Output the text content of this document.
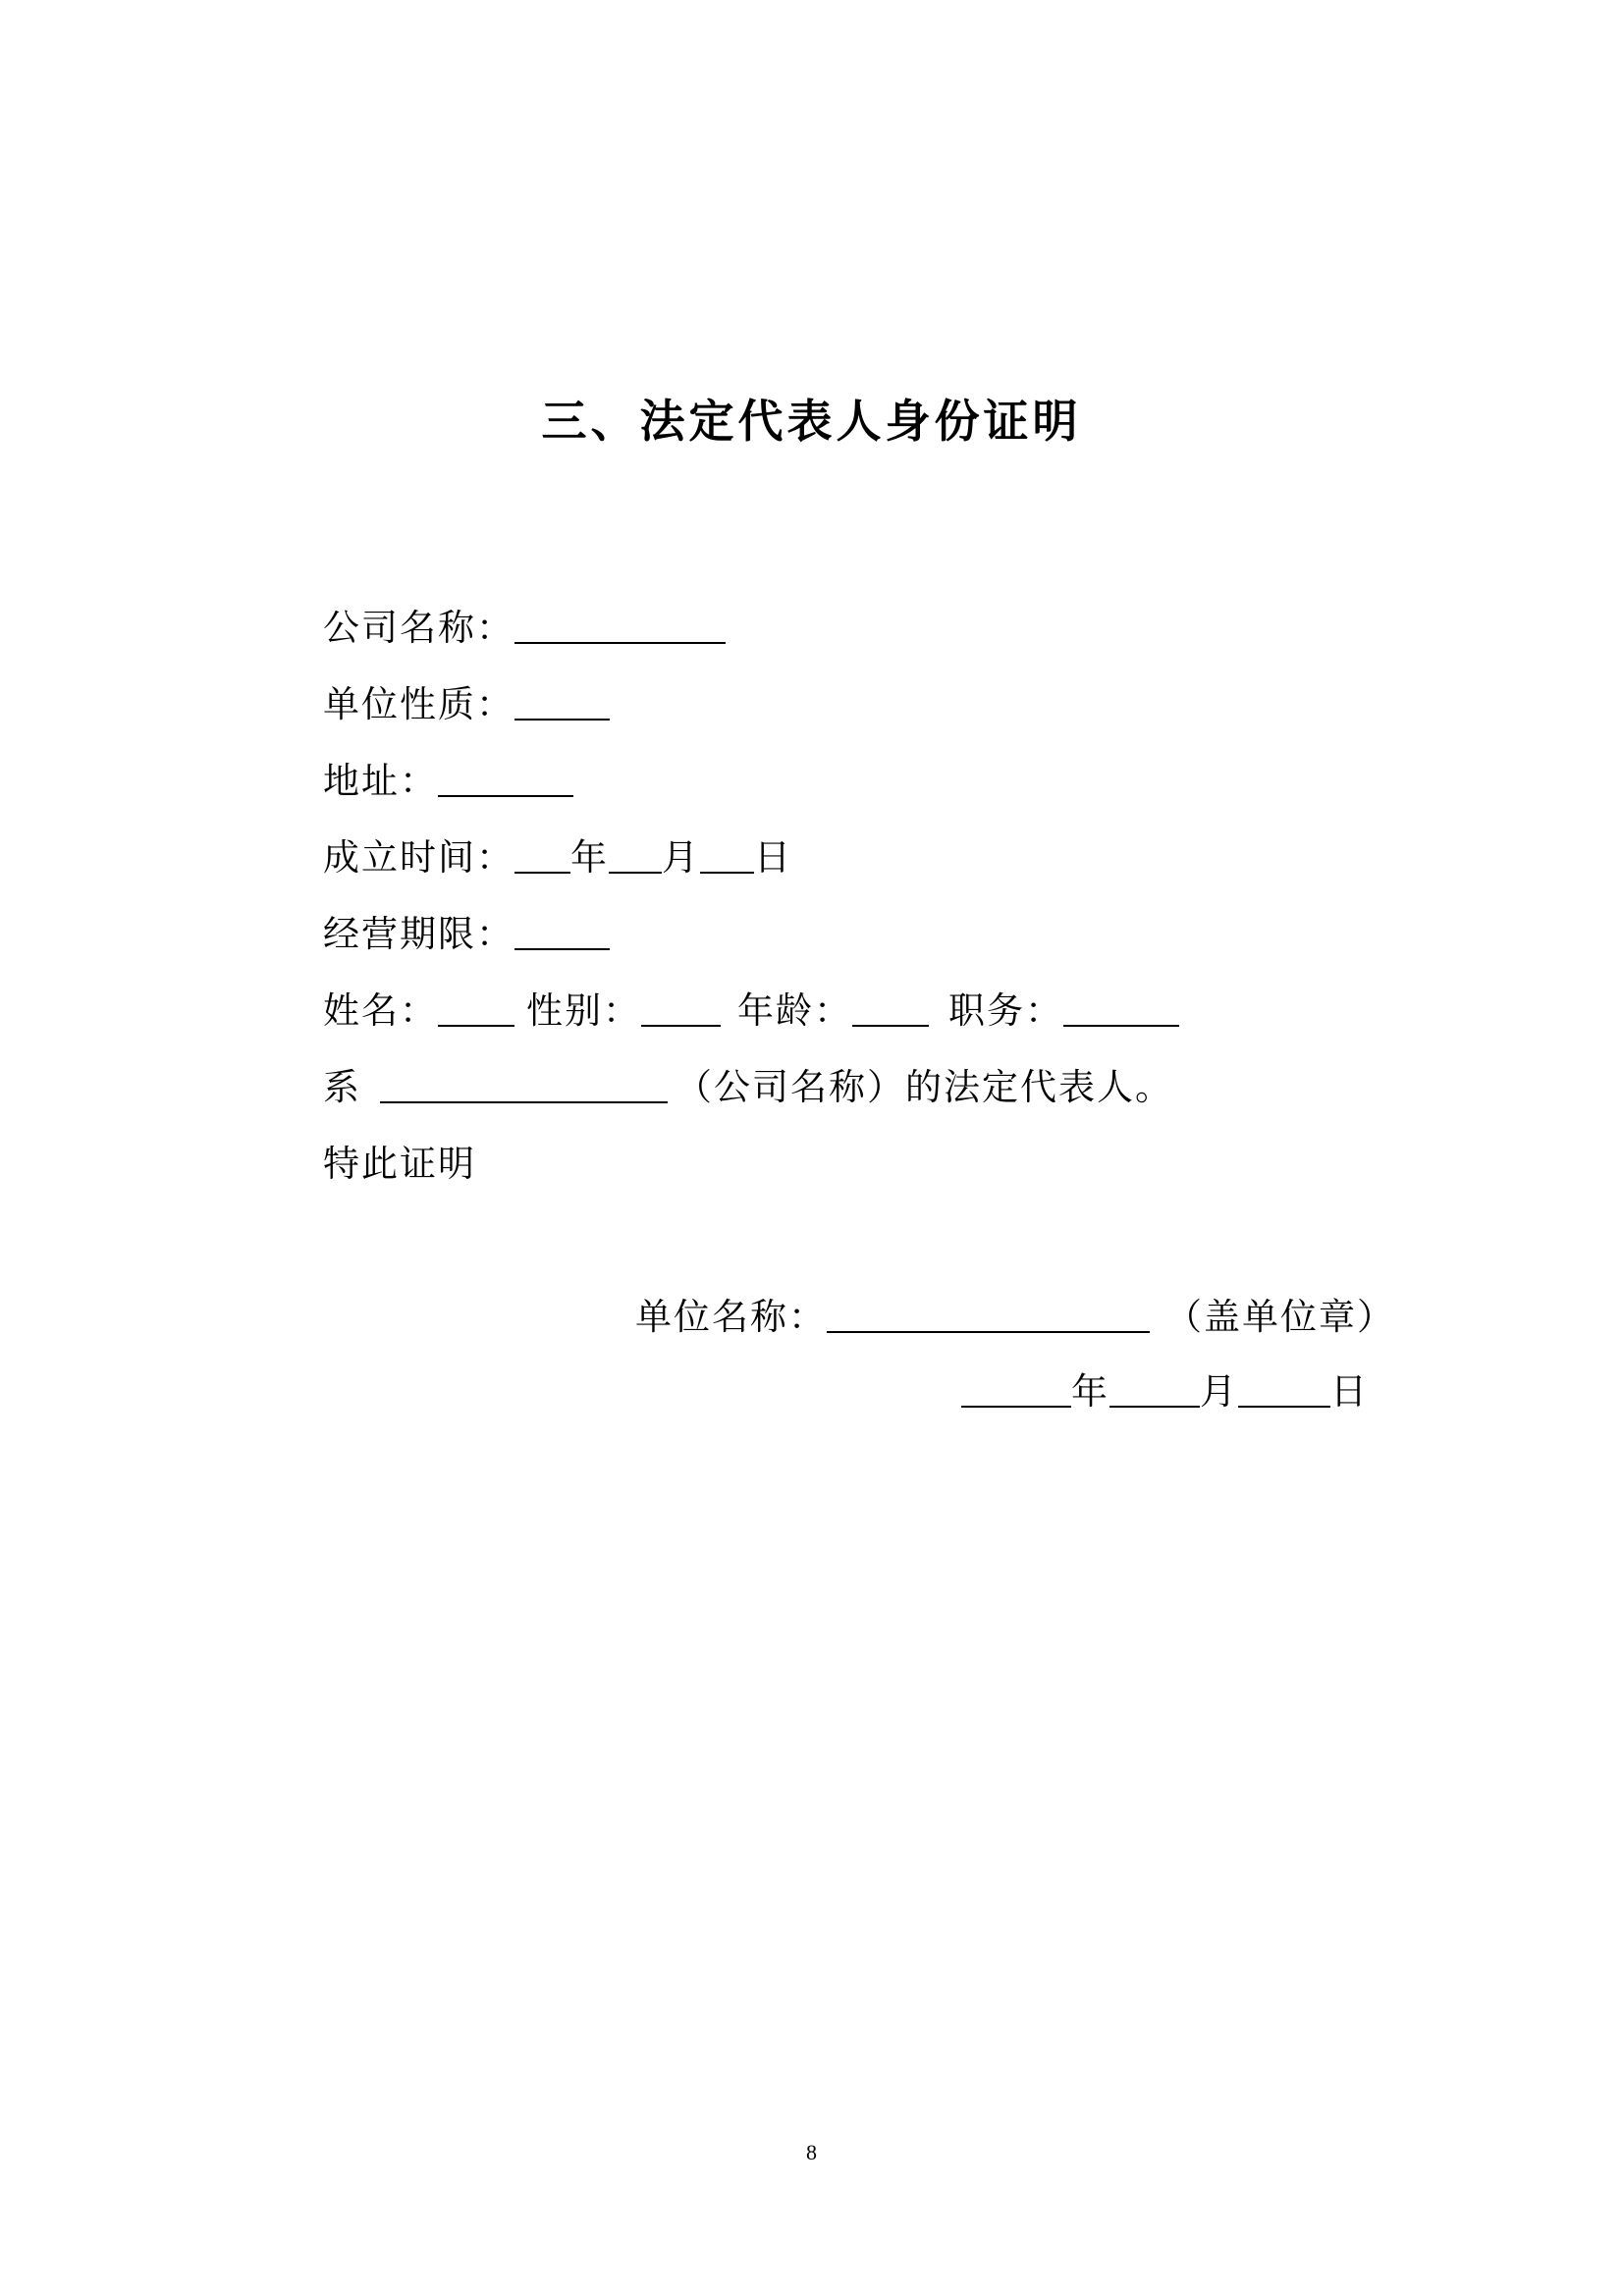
三、法定代表人身份证明
公司名称：
单位性质：
地址：
成立时间： 年 月 日
经营期限：
姓名： 性别：	年龄：	职务：
系	（公司名称）的法定代表人。
特此证明
单位名称：	（盖单位章）
年 月	日
8
